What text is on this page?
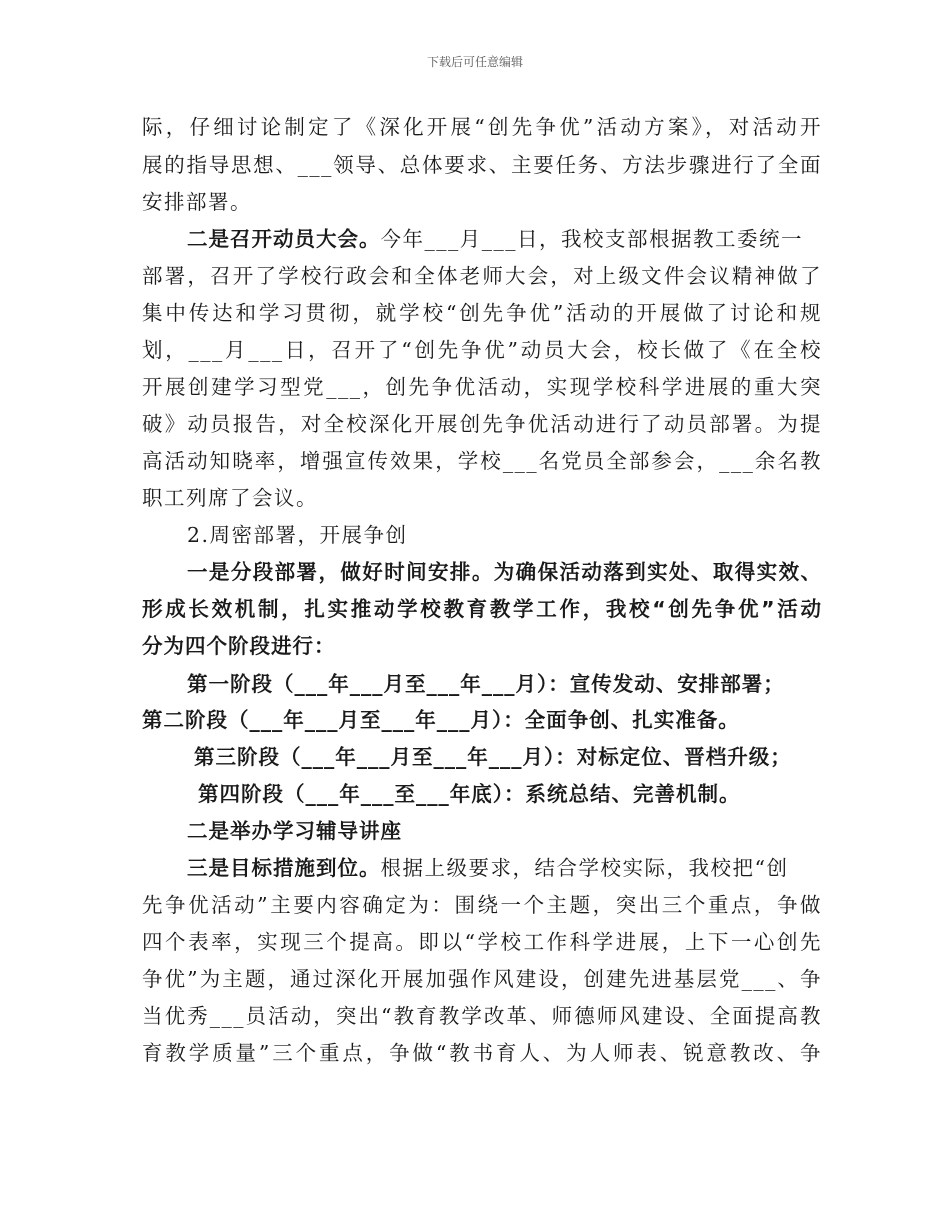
下载后可任意编辑
际，仔细讨论制定了《深化开展“创先争优”活动方案》，对活动开
展的指导思想、___领导、总体要求、主要任务、方法步骤进行了全面
安排部署。
二是召开动员大会。今年___月___日，我校支部根据教工委统一
部署，召开了学校行政会和全体老师大会，对上级文件会议精神做了
集中传达和学习贯彻，就学校“创先争优”活动的开展做了讨论和规
划，___月___日，召开了“创先争优”动员大会，校长做了《在全校
开展创建学习型党___，创先争优活动，实现学校科学进展的重大突
破》动员报告，对全校深化开展创先争优活动进行了动员部署。为提
高活动知晓率，增强宣传效果，学校___名党员全部参会，___余名教
职工列席了会议。
2.周密部署，开展争创
一是分段部署，做好时间安排。为确保活动落到实处、取得实效、
形成长效机制，扎实推动学校教育教学工作，我校“创先争优”活动
分为四个阶段进行：
第一阶段（___年___月至___年___月）：宣传发动、安排部署；
第二阶段（___年___月至___年___月）：全面争创、扎实准备。
第三阶段（___年___月至___年___月）：对标定位、晋档升级；
第四阶段（___年___至___年底）：系统总结、完善机制。
二是举办学习辅导讲座
三是目标措施到位。根据上级要求，结合学校实际，我校把“创
先争优活动”主要内容确定为：围绕一个主题，突出三个重点，争做
四个表率，实现三个提高。即以“学校工作科学进展，上下一心创先
争优”为主题，通过深化开展加强作风建设，创建先进基层党___、争
当优秀___员活动，突出“教育教学改革、师德师风建设、全面提高教
育教学质量”三个重点，争做“教书育人、为人师表、锐意教改、争
